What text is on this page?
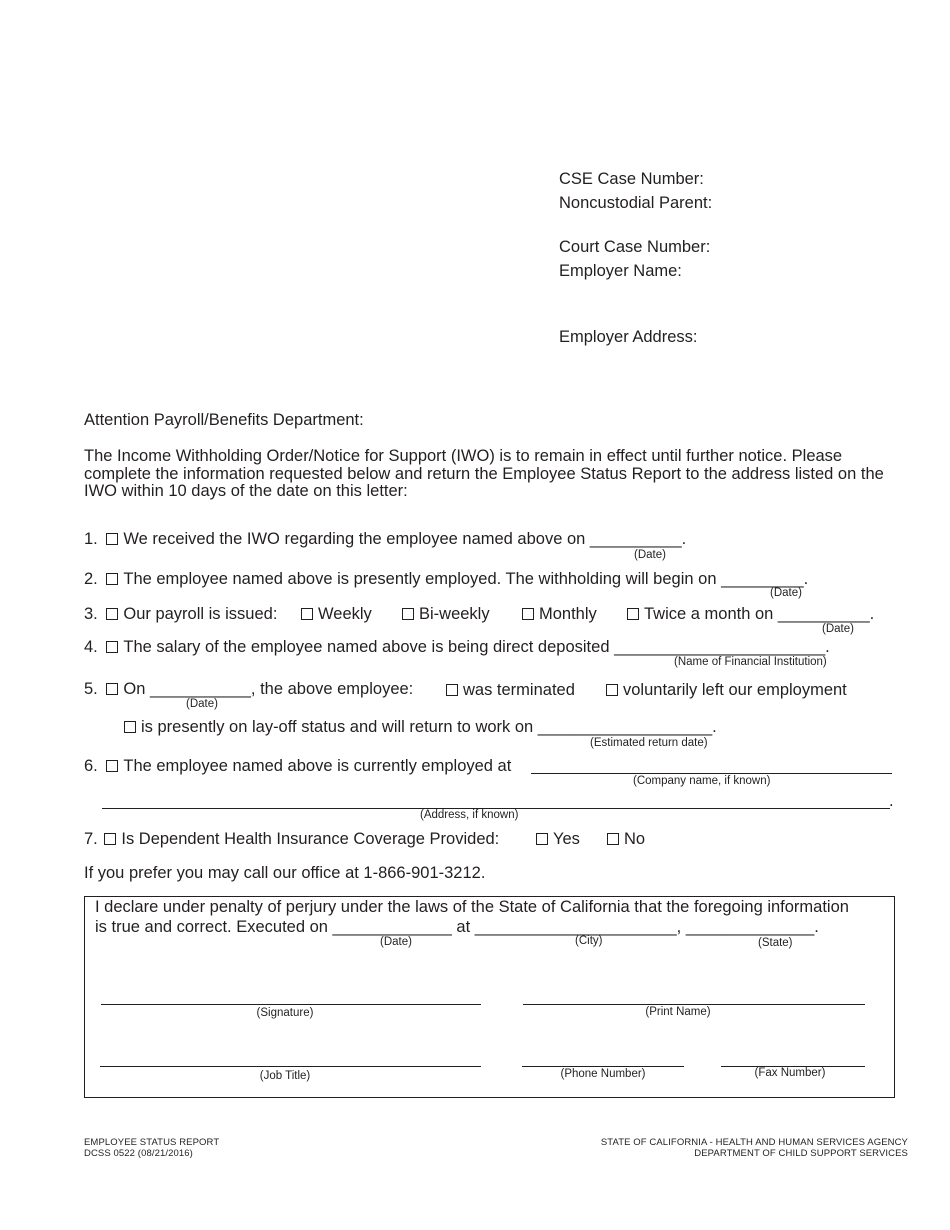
CSE Case Number:
Noncustodial Parent:
Court Case Number:
Employer Name:
Employer Address:
Attention Payroll/Benefits Department:
The Income Withholding Order/Notice for Support (IWO) is to remain in effect until further notice. Please complete the information requested below and return the Employee Status Report to the address listed on the IWO within 10 days of the date on this letter:
1. We received the IWO regarding the employee named above on __________.
(Date)
2. The employee named above is presently employed. The withholding will begin on _________.
(Date)
3. Our payroll is issued:	Weekly	Bi-weekly	Monthly	Twice a month on __________.
(Date)
4. The salary of the employee named above is being direct deposited _______________________.
(Name of Financial Institution)
5. On ___________, the above employee:	was terminated	voluntarily left our employment
(Date)
is presently on lay-off status and will return to work on ___________________.
(Estimated return date)
6. The employee named above is currently employed at
(Company name, if known)
.
(Address, if known)
7. Is Dependent Health Insurance Coverage Provided:	Yes	No
If you prefer you may call our office at 1-866-901-3212.
I declare under penalty of perjury under the laws of the State of California that the foregoing information
is true and correct. Executed on _____________ at ______________________, ______________.
(Date)	(City)	(State)
(Signature)	(Print Name)
(Job Title)	(Phone Number)	(Fax Number)
EMPLOYEE STATUS REPORT
DCSS 0522 (08/21/2016)
STATE OF CALIFORNIA - HEALTH AND HUMAN SERVICES AGENCY
DEPARTMENT OF CHILD SUPPORT SERVICES
